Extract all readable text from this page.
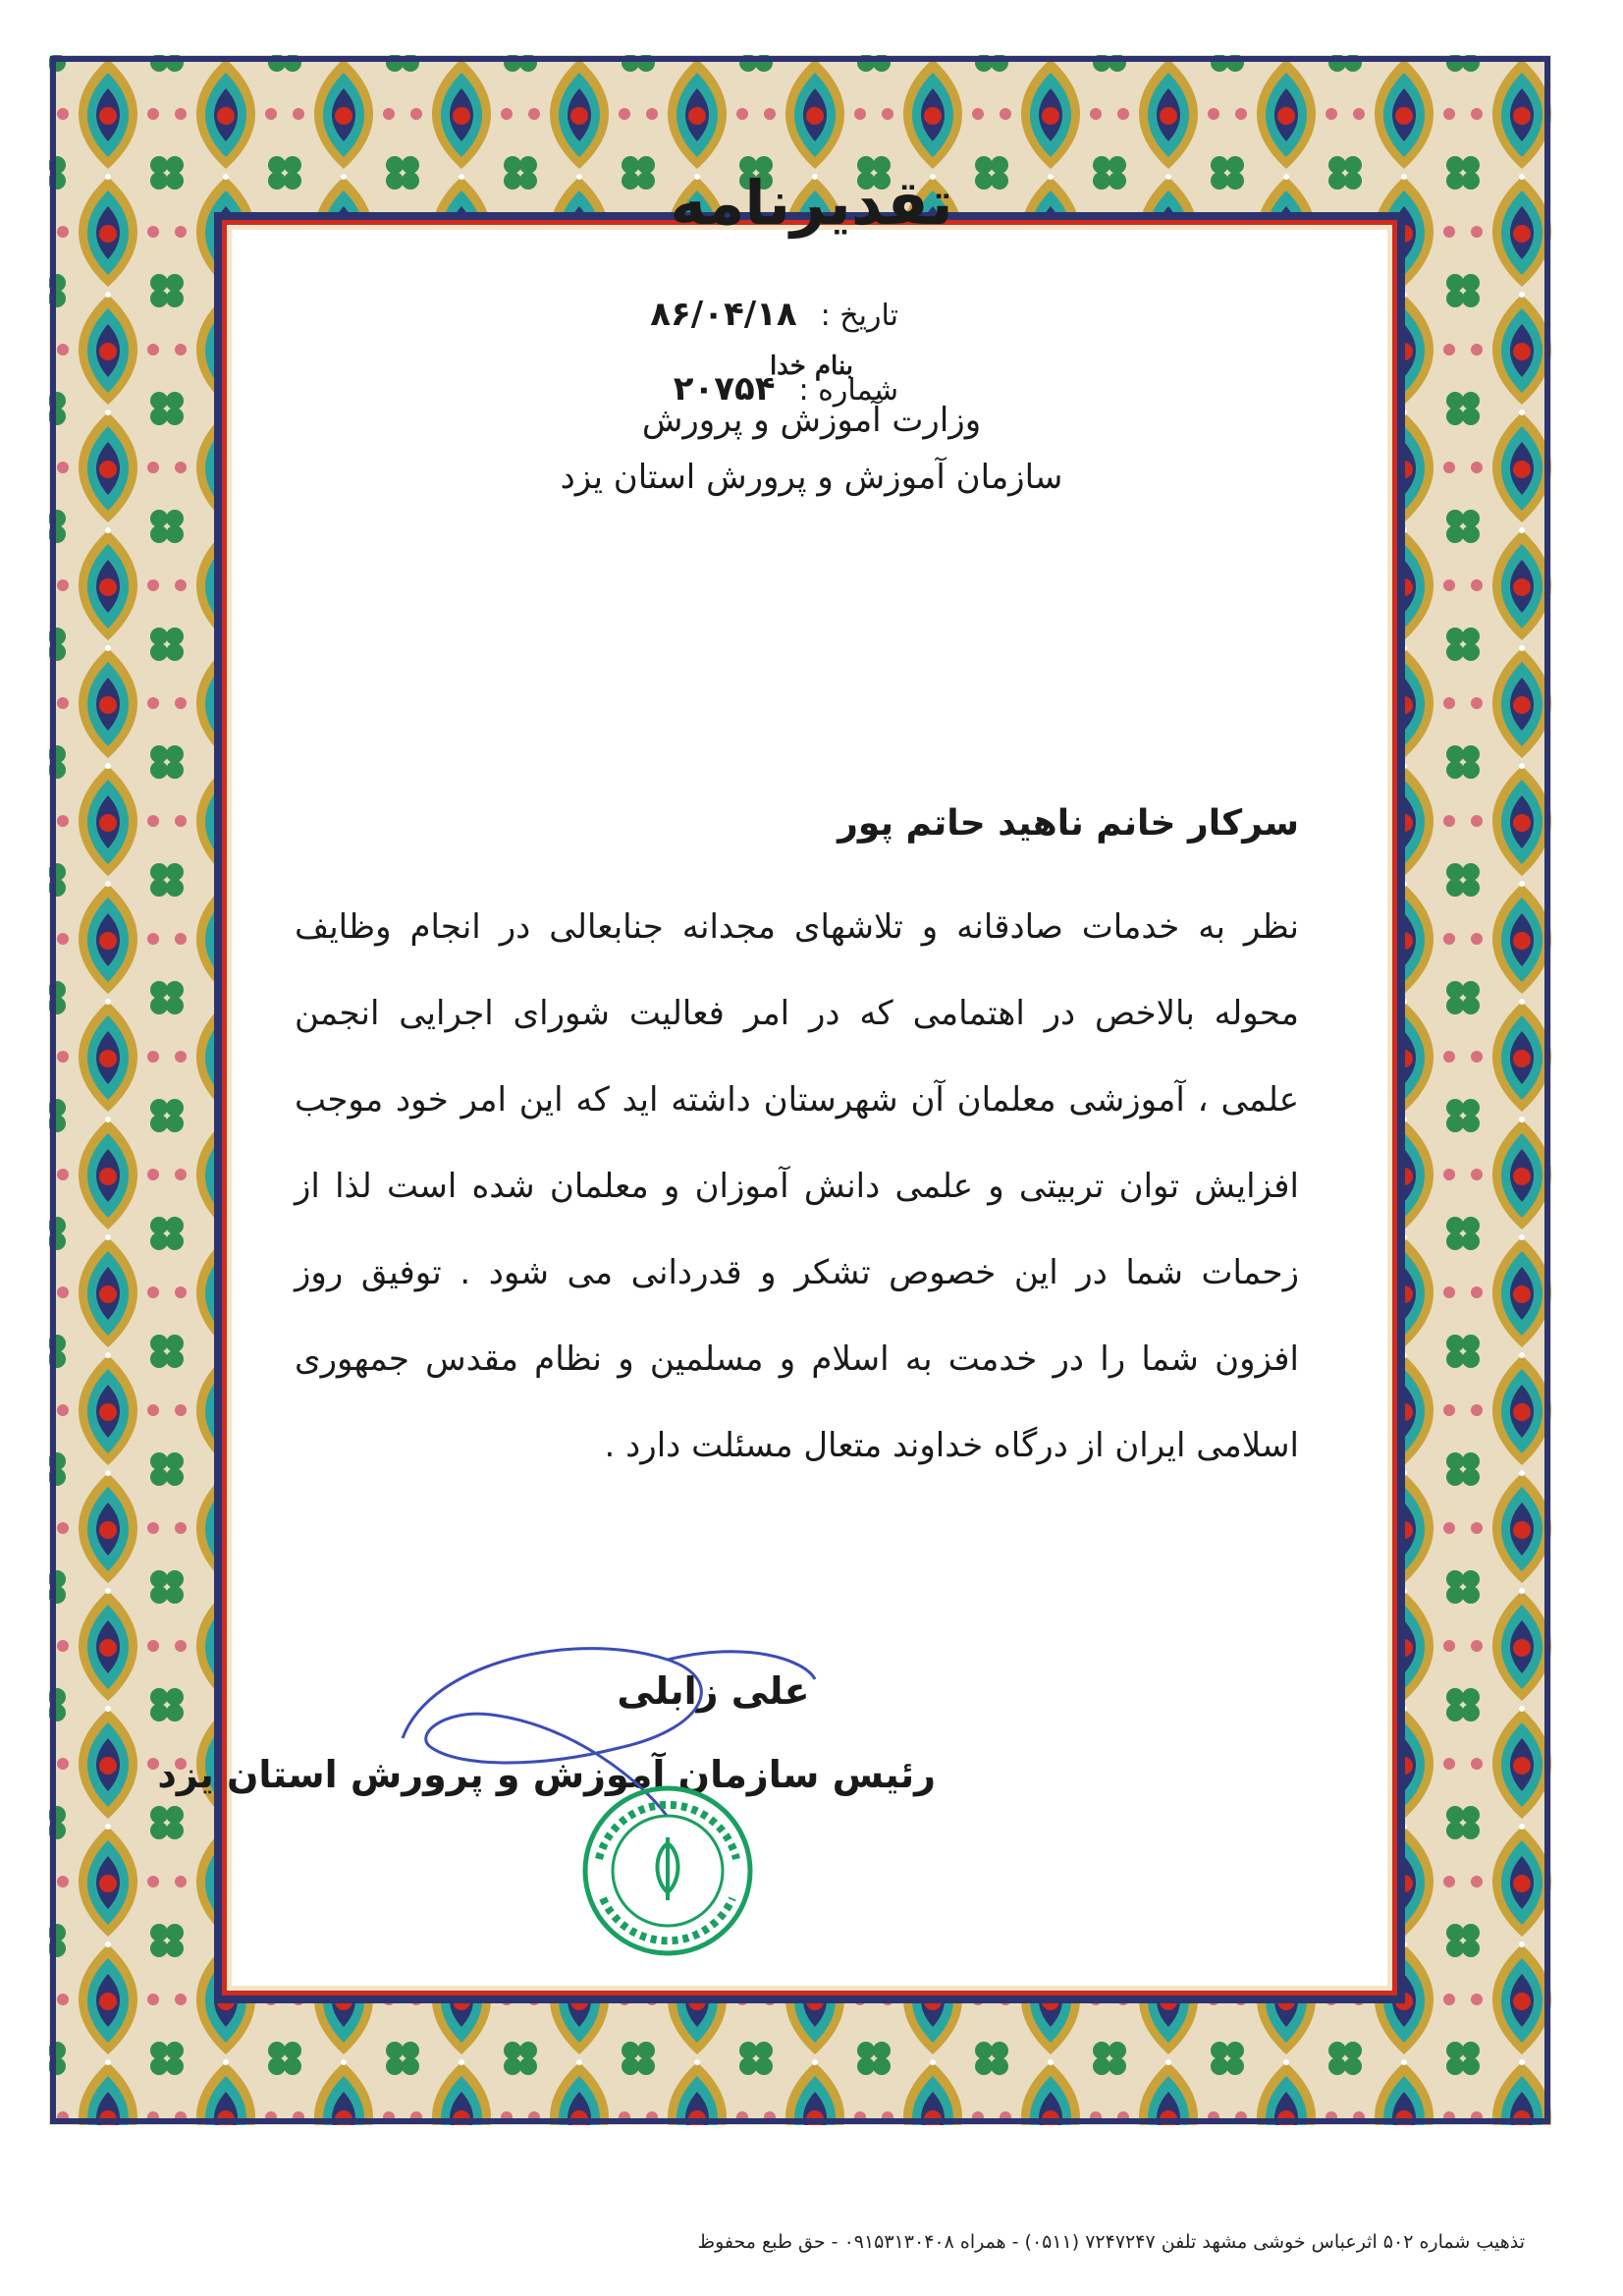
تقدیرنامه
تاریخ :۸۶/۰۴/۱۸
شماره :۲۰۷۵۴
بنام خدا
وزارت آموزش و پرورش
سازمان آموزش و پرورش استان یزد
سرکار خانم ناهید حاتم پور
نظر به خدمات صادقانه و تلاشهای مجدانه جنابعالی در انجام وظایف محوله بالاخص در اهتمامی که در امر فعالیت شورای اجرایی انجمن علمی ، آموزشی معلمان آن شهرستان داشته اید که این امر خود موجب افزایش توان تربیتی و علمی دانش آموزان و معلمان شده است لذا از زحمات شما در این خصوص تشکر و قدردانی می شود . توفیق روز افزون شما را در خدمت به اسلام و مسلمین و نظام مقدس جمهوری اسلامی ایران از درگاه خداوند متعال مسئلت دارد .
علی زابلی
رئیس سازمان آموزش و پرورش استان یزد
تذهیب شماره ۵۰۲ اثرعباس خوشی مشهد تلفن ۷۲۴۷۲۴۷ (۰۵۱۱) - همراه ۰۹۱۵۳۱۳۰۴۰۸ - حق طبع محفوظ
